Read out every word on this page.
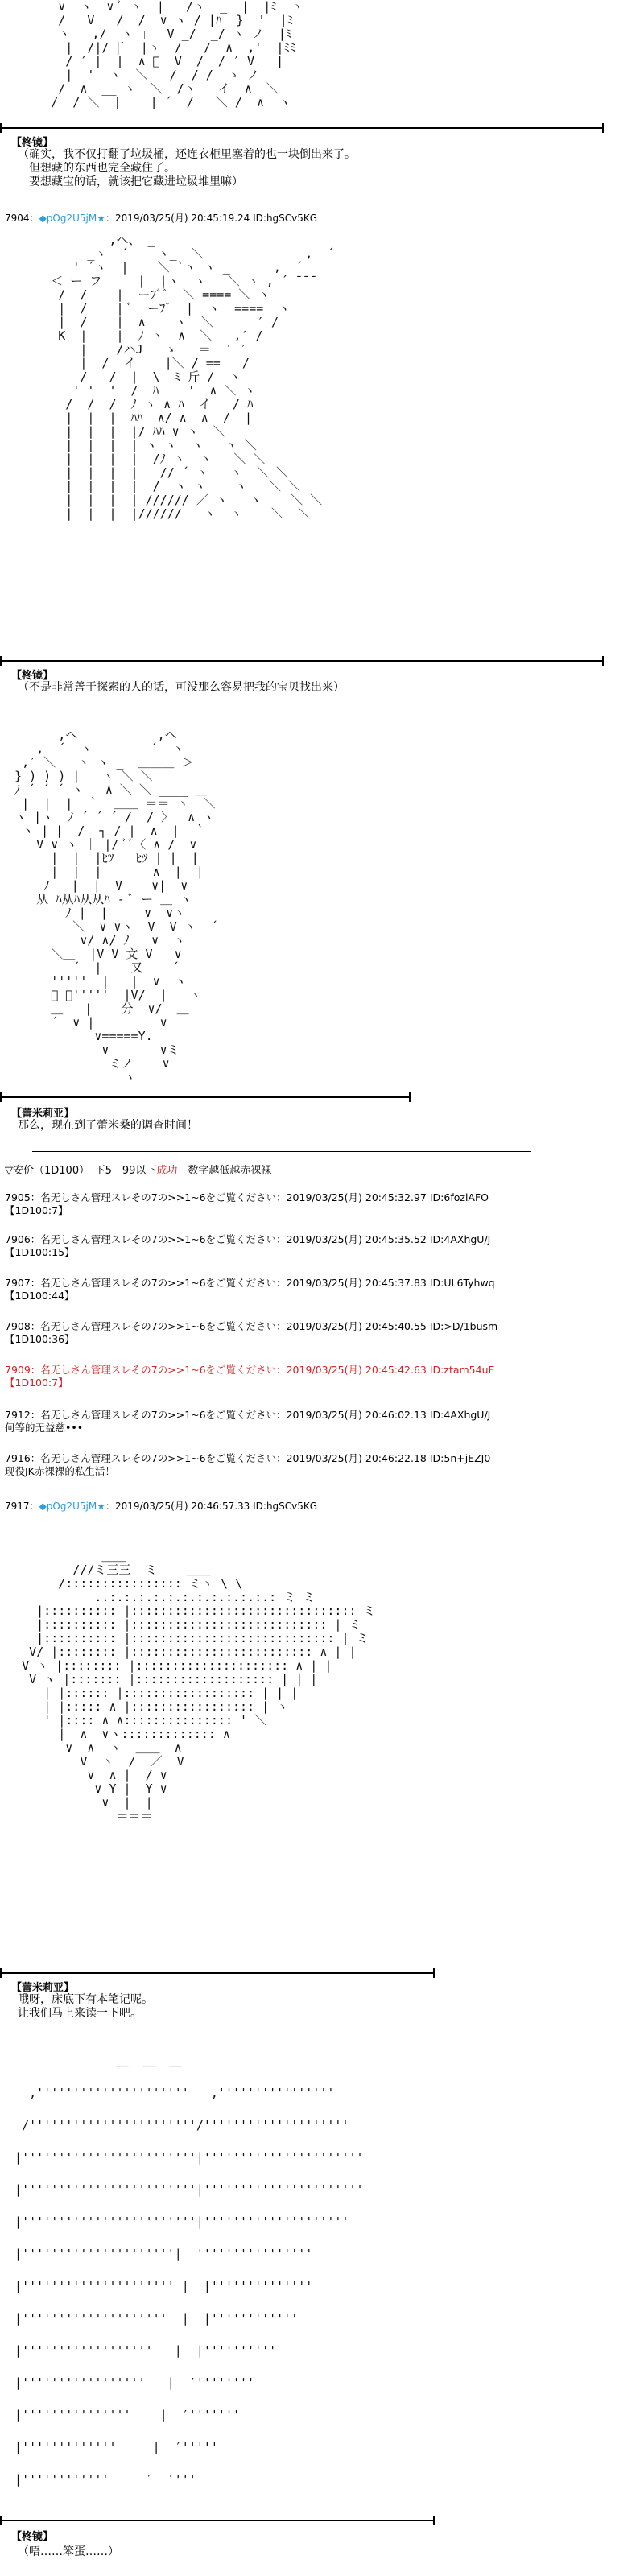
∨  ヽ  ∨ ﾞ ヽ  |   /ヽ  _  |  |ﾐ  ヽ
/   V   /  /  ∨ ヽ / |ﾊ  }  '  |ﾐ
ヽ   ,/  ヽ 」  V _/  _/ ヽ ノ  |ﾐ
|  /|/ |ﾞ  |ヽ  /   /  ∧  ,'  |ﾐﾐ
/ ′ |  |  ∧ ﾞ  V  /  / ′ V   |
|  '  ヽ  ＼   /  / /  ゝ ノ
/  ∧  __ ヽ  ＼  /ヽ   イ  ∧  ＼
/  / ＼  |    | ´  /   ＼ /  ∧  ヽ
【柊镜】
（确实，我不仅打翻了垃圾桶，还连衣柜里塞着的也一块倒出来了。
　但想藏的东西也完全藏住了。
　要想藏宝的话，就该把它藏进垃圾堆里嘛）
7904：◆pOg2U5jM★：2019/03/25(月) 20:45:19.24 ID:hgSCv5KG
,ヘ、 _
_ヽ  ´    ヽ_  ＼              ,  ´
' ´ヽ  |    ＼ `ヽ ヽ _      ,  ´
＜ ー フ     |  |ヽ  ヽ   ＼ ヽ , ´ ̄ ̄ ̄
/  /    |  ーﾌﾞﾞ  ＼ ==== ＼ ヽ
|  /    | ﾞ  ーﾌﾞ  |  ヽ  ====  ヽ
|  /    |  ∧    ヽ  ＼      ′ /
K  |    |  ﾉ ヽ  ∧  ＼   ,′ /
|    /ハJ   ゝ   ＝  ′ ′
|  /  イ    |＼ / ==   /
/   /  |  \  ﾐ 斤 /  ヽ
' '  '  /  ﾊ    '  ∧ ＼ ヽ
/  /  /  ﾉ ヽ ∧ ﾊ  イ   / ﾊ
|  |  |  ﾊﾊ  ∧/ ∧  ∧  /  |
|  |  |  |/ ﾊﾊ ∨ ヽ  ＼
|  |  |  | ヽ ヽ  ヽ   ヽ ＼
|  |  |  |  /ﾉ ヽ  ヽ   ＼ ＼
|  |  |  |   // ´ ヽ   ヽ  ＼ ＼
|  |  |  |  /_ ヽ ヽ    ヽ   ＼ ＼
|  |  |  | ////// ／ ヽ   ヽ    ＼ ＼
|  |  |  |//////   ヽ  ヽ    ＼  ＼
【柊镜】
（不是非常善于探索的人的话，可没那么容易把我的宝贝找出来）
,ヘ           ,ヘ
,  ´  ヽ        ´  ヽ
,′ ＼   ヽ ヽ _  ＿＿＿ ＞
} ) ) ) |   ヽ ＼ ＼
ﾉ ´ ´ ´ ヽ   ∧ ＼ ＼ ____ ＿
|  |  |  ｀  ＿＿ ＝＝ ヽ  ＼
ヽ |ヽ  ﾉ ´ ´ ´ /  / 〉  ∧ ヽ
ヽ | |  /  ┐ / |  ∧  |  ｀
V ∨ ヽ ｜ |/ ﾞﾞ〈 ∧ /  ∨
|  |  |ﾋﾂ   ﾋﾂ | |  |
|  |  |       ∧  |  |
ﾉ   |  |  V    ∨|  ∨
从 ﾊ从ﾊ从从ﾊ - ﾞ ー ＿ ヽ
ﾉ |  |     ∨  ∨ヽ
＼  ∨ ∨ヽ  V  V ヽ  ´
∨/ ∧/ ﾉ   ∨  ヽ
＼＿  |V V 文 V   ∨
´  |    又    ´
'''''  |   |  ∨  ヽ
ﾞ ﾞ'''''  |V/  |   ヽ
＿   |    分  ∨/  ＿
´  ∨ |         ∨
∨=====Y.
∨       ∨ミ
ミノ    ∨
ヽ
【蕾米莉亚】
那么，现在到了蕾米桑的调查时间！
▽安价（1D100）　下5　99以下成功　数字越低越赤裸裸
7905：名无しさん管理スレその7の>>1~6をご覧ください：2019/03/25(月) 20:45:32.97 ID:6fozlAFO
【1D100:7】
7906：名无しさん管理スレその7の>>1~6をご覧ください：2019/03/25(月) 20:45:35.52 ID:4AXhgU/J
【1D100:15】
7907：名无しさん管理スレその7の>>1~6をご覧ください：2019/03/25(月) 20:45:37.83 ID:UL6Tyhwq
【1D100:44】
7908：名无しさん管理スレその7の>>1~6をご覧ください：2019/03/25(月) 20:45:40.55 ID:>D/1busm
【1D100:36】
7909：名无しさん管理スレその7の>>1~6をご覧ください：2019/03/25(月) 20:45:42.63 ID:ztam54uE
【1D100:7】
7912：名无しさん管理スレその7の>>1~6をご覧ください：2019/03/25(月) 20:46:02.13 ID:4AXhgU/J
何等的无益慈•••
7916：名无しさん管理スレその7の>>1~6をご覧ください：2019/03/25(月) 20:46:22.18 ID:5n+jEZJ0
现役JK赤裸裸的私生活！
7917：◆pOg2U5jM★：2019/03/25(月) 20:46:57.33 ID:hgSCv5KG
＿＿
///ミ三三  ミ    ＿＿
/:::::::::::::::: ミヽ \ \
______ ..:.:.:.:.:.:.:.:.:.:.:.: ミ ミ
|:::::::::: |::::::::::::::::::::::::::::::: ミ
|:::::::::: |::::::::::::::::::::::::::: | ミ
|:::::::::: |:::::::::::::::::::::::::::: | ミ
V/ |:::::::: |::::::::::::::::::::::::: ∧ | |
V ヽ |:::::::: |::::::::::::::::::::: ∧ | |
V ヽ |::::::: |::::::::::::::::::: | | |
| |:::::: |:::::::::::::::::: | | |
| |::::: ∧ |::::::::::::::::: | ヽ
' |:::: ∧ ∧::::::::::::::: ' ＼
|  ∧  ∨ヽ::::::::::::: ∧
∨  ∧  ヽ  ＿＿  ∧
V  ヽ  /  ／  V
∨  ∧ |  / ∨
∨ Y |  Y ∨
∨  |  |
＝＝＝
【蕾米莉亚】
哦呀，床底下有本笔记呢。
让我们马上来读一下吧。
＿  ＿  ＿
,'''''''''''''''''''''   ,''''''''''''''''
/'''''''''''''''''''''''/''''''''''''''''''''
|''''''''''''''''''''''''|''''''''''''''''''''''
|''''''''''''''''''''''''|''''''''''''''''''''''
|''''''''''''''''''''''''|''''''''''''''''''''
|'''''''''''''''''''''|  ''''''''''''''''
|''''''''''''''''''''' |  |''''''''''''''
|''''''''''''''''''''  |  |''''''''''''
|''''''''''''''''''   |  |''''''''''
|'''''''''''''''''   |  ′''''''''
|'''''''''''''''    |  ′'''''''
|'''''''''''''     |  ′'''''
|''''''''''''     ′  ′'''
【柊镜】
（唔……笨蛋……）
